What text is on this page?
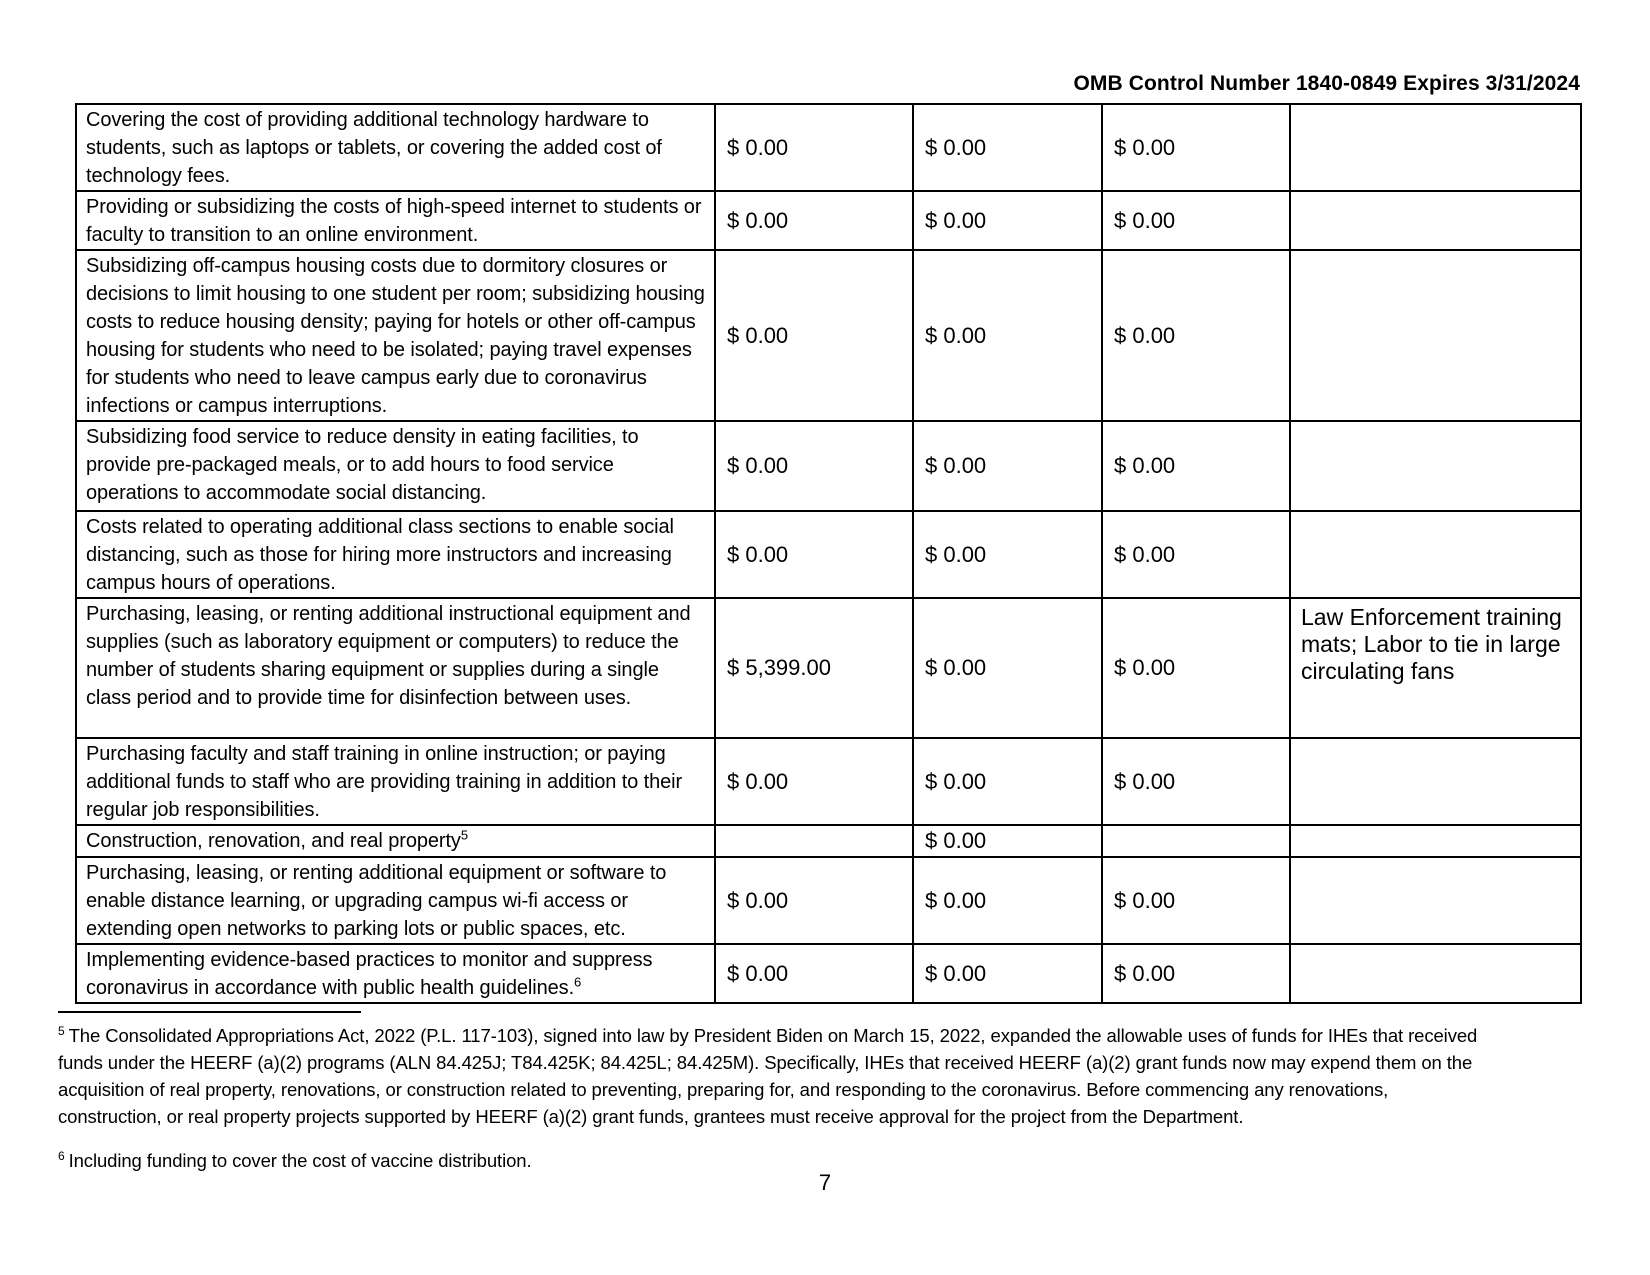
OMB Control Number 1840-0849 Expires 3/31/2024
Covering the cost of providing additional technology hardware to students, such as laptops or tablets, or covering the added cost of technology fees.	$ 0.00	$ 0.00	$ 0.00	
Providing or subsidizing the costs of high-speed internet to students or faculty to transition to an online environment.	$ 0.00	$ 0.00	$ 0.00	
Subsidizing off-campus housing costs due to dormitory closures or decisions to limit housing to one student per room; subsidizing housing costs to reduce housing density; paying for hotels or other off-campus housing for students who need to be isolated; paying travel expenses for students who need to leave campus early due to coronavirus infections or campus interruptions.	$ 0.00	$ 0.00	$ 0.00	
Subsidizing food service to reduce density in eating facilities, to provide pre-packaged meals, or to add hours to food service operations to accommodate social distancing.	$ 0.00	$ 0.00	$ 0.00	
Costs related to operating additional class sections to enable social distancing, such as those for hiring more instructors and increasing campus hours of operations.	$ 0.00	$ 0.00	$ 0.00	
Purchasing, leasing, or renting additional instructional equipment and supplies (such as laboratory equipment or computers) to reduce the number of students sharing equipment or supplies during a single class period and to provide time for disinfection between uses.	$ 5,399.00	$ 0.00	$ 0.00	Law Enforcement training mats; Labor to tie in large circulating fans
Purchasing faculty and staff training in online instruction; or paying additional funds to staff who are providing training in addition to their regular job responsibilities.	$ 0.00	$ 0.00	$ 0.00	
Construction, renovation, and real property$^5$		$ 0.00		
Purchasing, leasing, or renting additional equipment or software to enable distance learning, or upgrading campus wi-fi access or extending open networks to parking lots or public spaces, etc.	$ 0.00	$ 0.00	$ 0.00	
Implementing evidence-based practices to monitor and suppress coronavirus in accordance with public health guidelines.$^6$	$ 0.00	$ 0.00	$ 0.00	
$^5$ The Consolidated Appropriations Act, 2022 (P.L. 117-103), signed into law by President Biden on March 15, 2022, expanded the allowable uses of funds for IHEs that received
funds under the HEERF (a)(2) programs (ALN 84.425J; T84.425K; 84.425L; 84.425M). Specifically, IHEs that received HEERF (a)(2) grant funds now may expend them on the
acquisition of real property, renovations, or construction related to preventing, preparing for, and responding to the coronavirus. Before commencing any renovations,
construction, or real property projects supported by HEERF (a)(2) grant funds, grantees must receive approval for the project from the Department.
$^6$ Including funding to cover the cost of vaccine distribution.
7
